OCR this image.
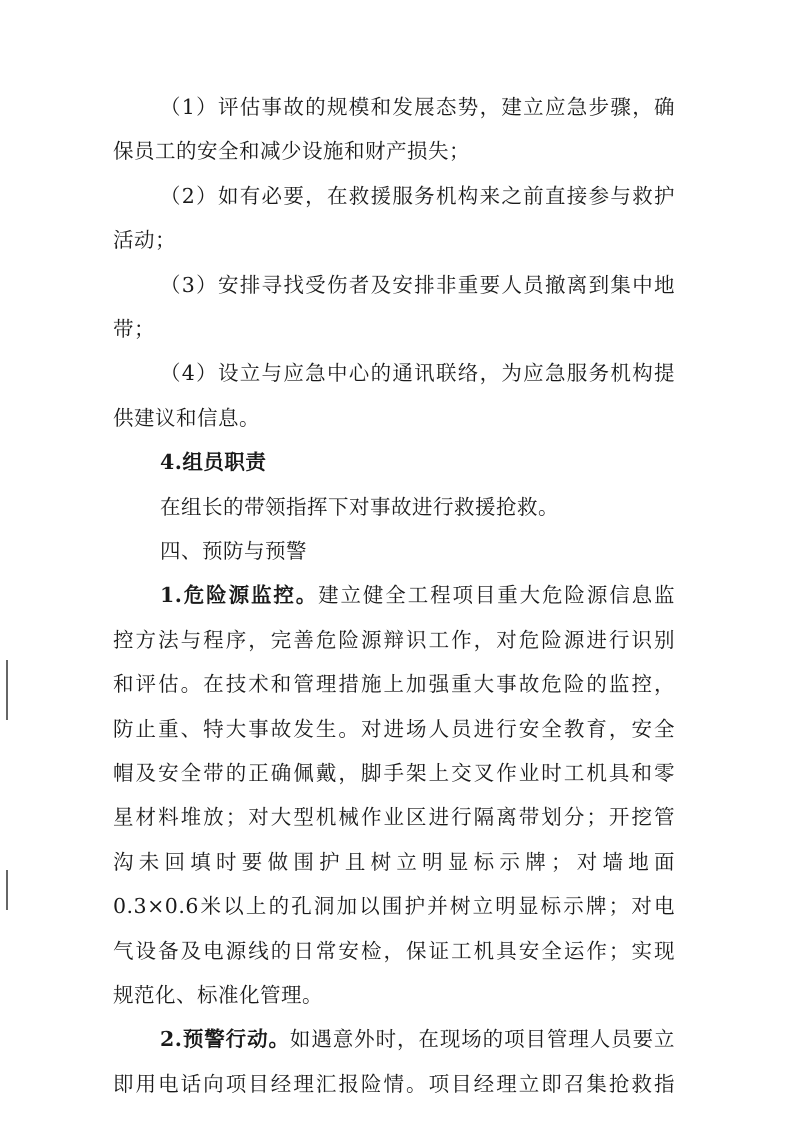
（1）评估事故的规模和发展态势，建立应急步骤，确
保员工的安全和减少设施和财产损失；
（2）如有必要，在救援服务机构来之前直接参与救护
活动；
（3）安排寻找受伤者及安排非重要人员撤离到集中地
带；
（4）设立与应急中心的通讯联络，为应急服务机构提
供建议和信息。
4.组员职责
在组长的带领指挥下对事故进行救援抢救。
四、预防与预警
1.危险源监控。建立健全工程项目重大危险源信息监
控方法与程序，完善危险源辩识工作，对危险源进行识别
和评估。在技术和管理措施上加强重大事故危险的监控，
防止重、特大事故发生。对进场人员进行安全教育，安全
帽及安全带的正确佩戴，脚手架上交叉作业时工机具和零
星材料堆放；对大型机械作业区进行隔离带划分；开挖管
沟未回填时要做围护且树立明显标示牌；对墙地面
0.3×0.6米以上的孔洞加以围护并树立明显标示牌；对电
气设备及电源线的日常安检，保证工机具安全运作；实现
规范化、标准化管理。
2.预警行动。如遇意外时，在现场的项目管理人员要立
即用电话向项目经理汇报险情。项目经理立即召集抢救指
